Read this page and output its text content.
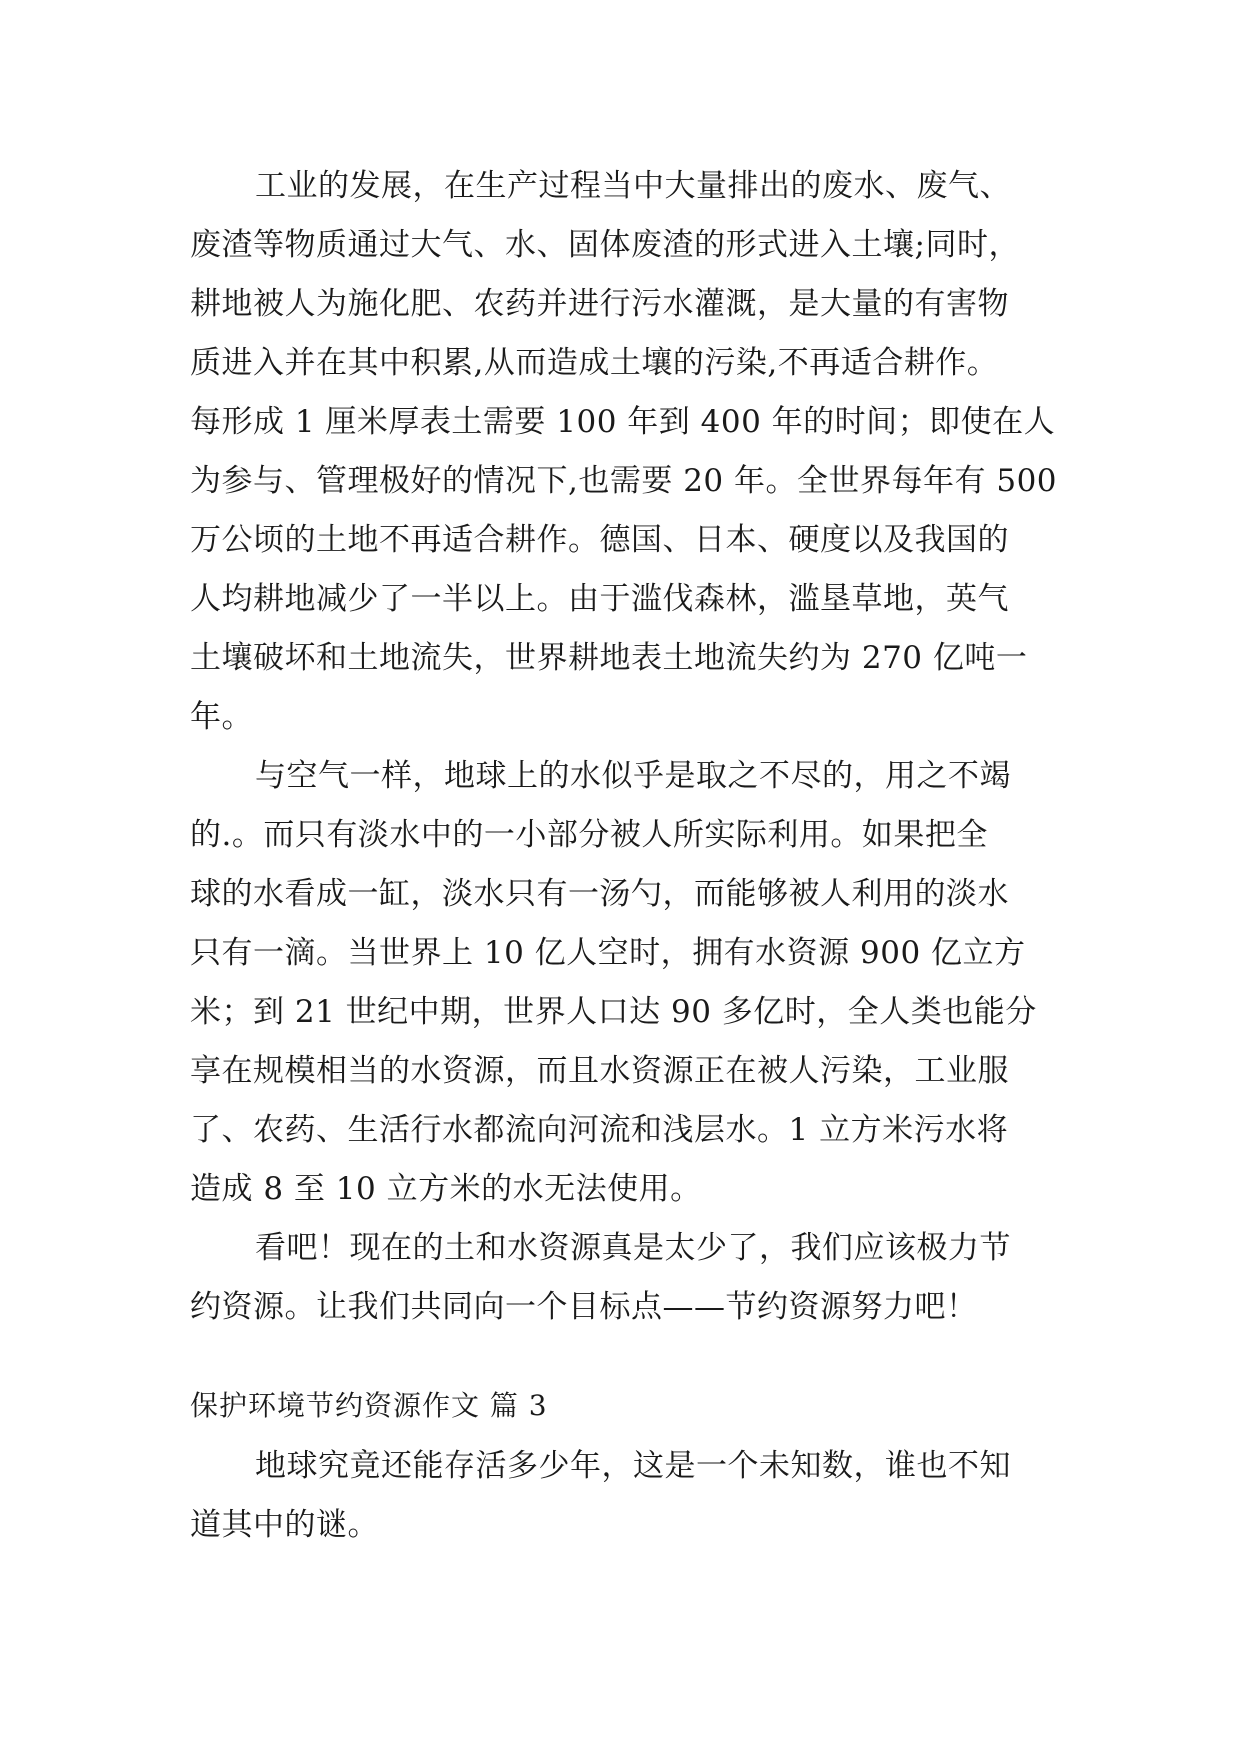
工业的发展，在生产过程当中大量排出的废水、废气、
废渣等物质通过大气、水、固体废渣的形式进入土壤;同时，
耕地被人为施化肥、农药并进行污水灌溉，是大量的有害物
质进入并在其中积累,从而造成土壤的污染,不再适合耕作。
每形成 1 厘米厚表土需要 100 年到 400 年的时间；即使在人
为参与、管理极好的情况下,也需要 20 年。全世界每年有 500
万公顷的土地不再适合耕作。德国、日本、硬度以及我国的
人均耕地减少了一半以上。由于滥伐森林，滥垦草地，英气
土壤破坏和土地流失，世界耕地表土地流失约为 270 亿吨一
年。
与空气一样，地球上的水似乎是取之不尽的，用之不竭
的.。而只有淡水中的一小部分被人所实际利用。如果把全
球的水看成一缸，淡水只有一汤勺，而能够被人利用的淡水
只有一滴。当世界上 10 亿人空时，拥有水资源 900 亿立方
米；到 21 世纪中期，世界人口达 90 多亿时，全人类也能分
享在规模相当的水资源，而且水资源正在被人污染，工业服
了、农药、生活行水都流向河流和浅层水。1 立方米污水将
造成 8 至 10 立方米的水无法使用。
看吧！现在的土和水资源真是太少了，我们应该极力节
约资源。让我们共同向一个目标点——节约资源努力吧！
保护环境节约资源作文 篇 3
地球究竟还能存活多少年，这是一个未知数，谁也不知
道其中的谜。
